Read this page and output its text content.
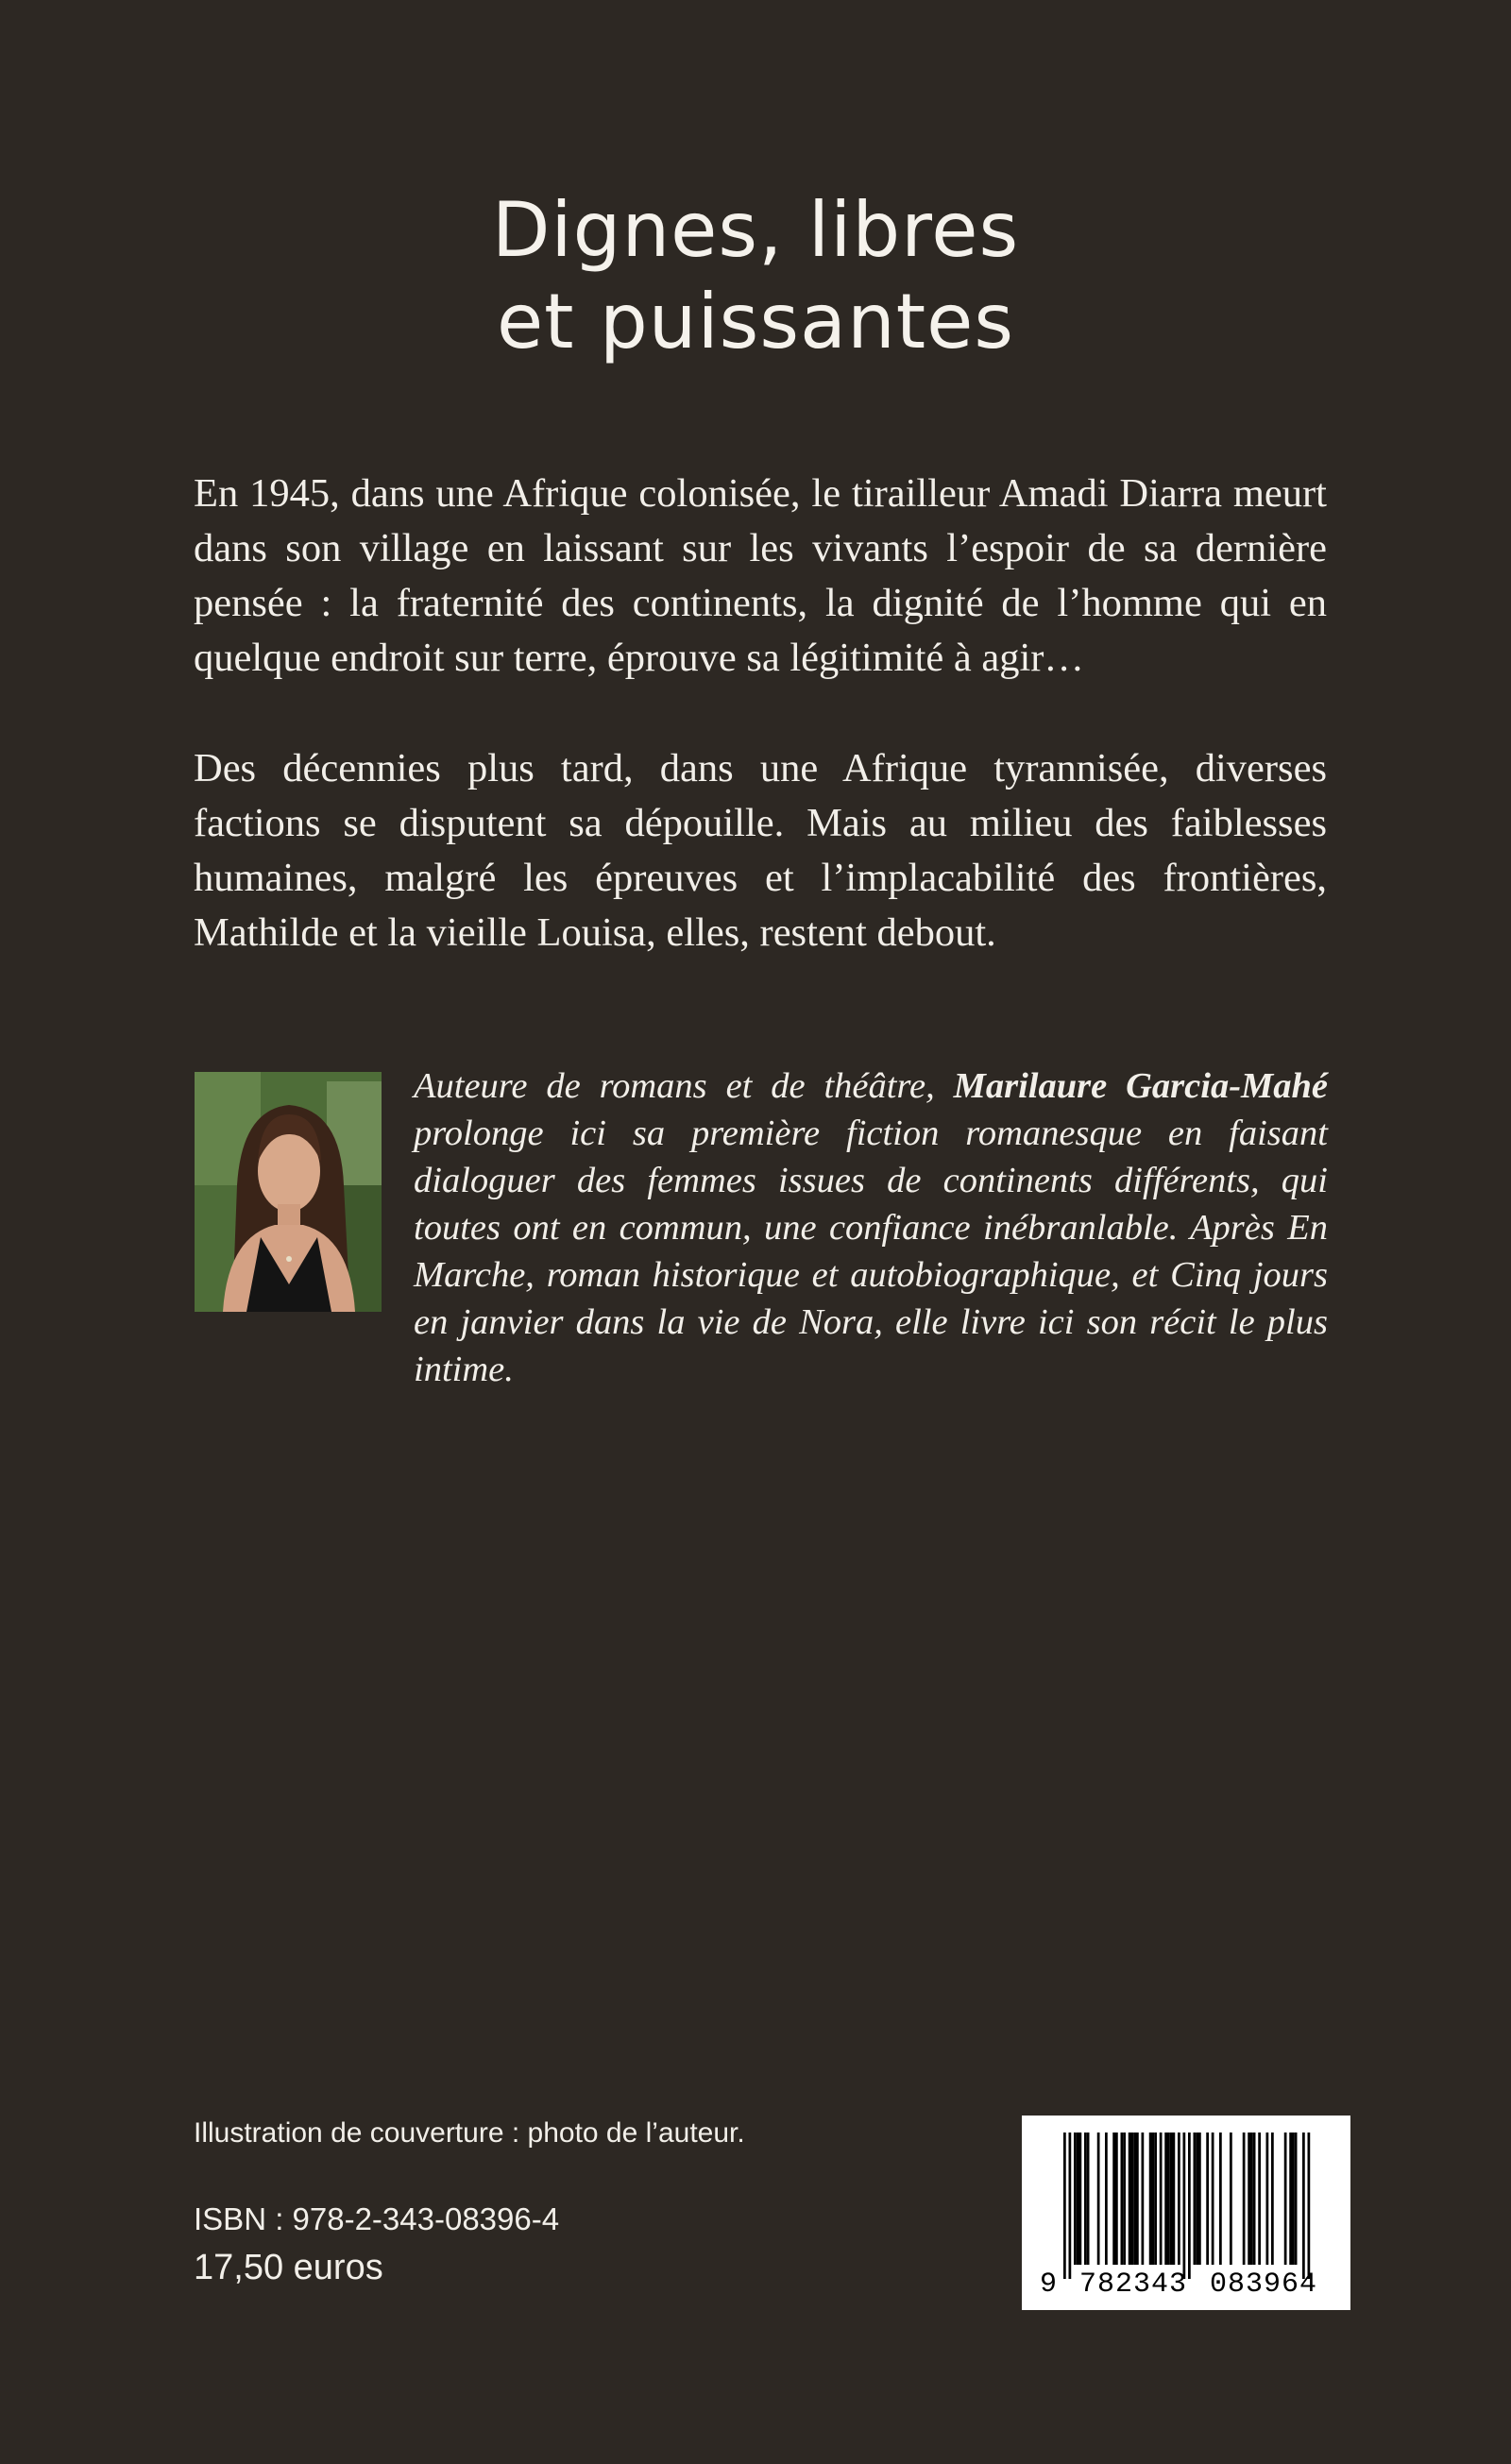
Dignes, libres
et puissantes
En 1945, dans une Afrique colonisée, le tirailleur Amadi Diarra meurt dans son village en laissant sur les vivants l’espoir de sa dernière pensée : la fraternité des continents, la dignité de l’homme qui en quelque endroit sur terre, éprouve sa légitimité à agir…
Des décennies plus tard, dans une Afrique tyrannisée, diverses factions se disputent sa dépouille. Mais au milieu des faiblesses humaines, malgré les épreuves et l’implacabilité des frontières, Mathilde et la vieille Louisa, elles, restent debout.
Auteure de romans et de théâtre, Marilaure Garcia-Mahé prolonge ici sa première fiction romanesque en faisant dialoguer des femmes issues de continents différents, qui toutes ont en commun, une confiance inébranlable. Après En Marche, roman historique et autobiographique, et Cinq jours en janvier dans la vie de Nora, elle livre ici son récit le plus intime.
Illustration de couverture : photo de l’auteur.
ISBN : 978-2-343-08396-4
17,50 euros	9 782343 083964
